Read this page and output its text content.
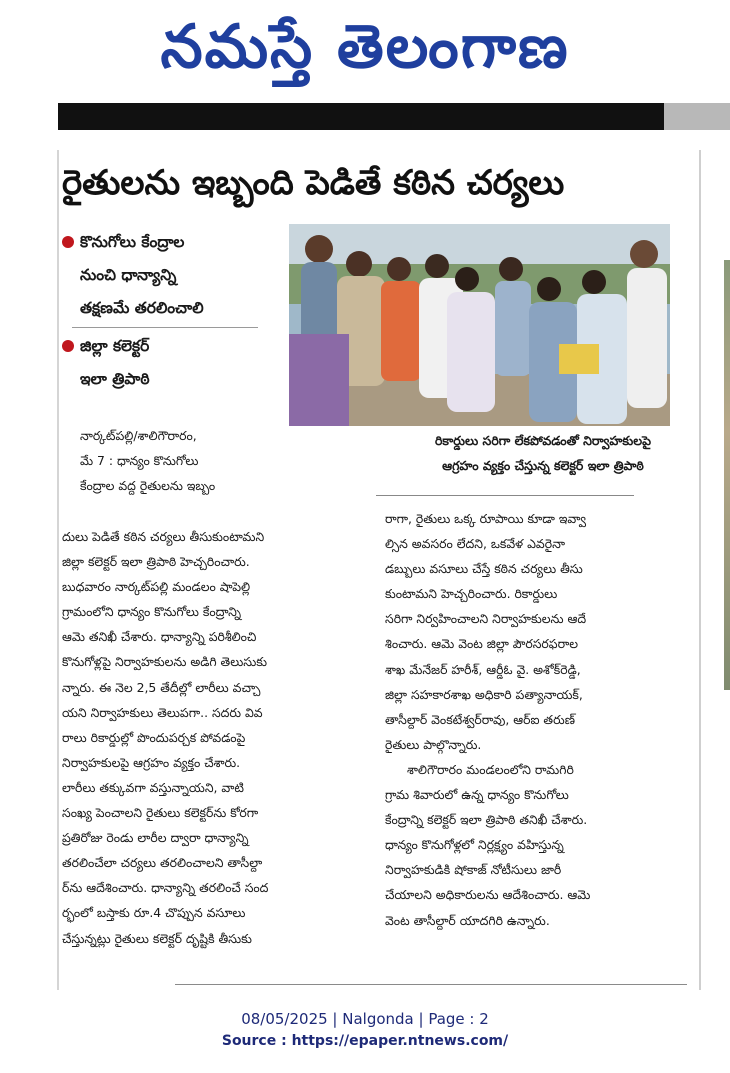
నమస్తే తెలంగాణ
రైతులను ఇబ్బంది పెడితే కఠిన చర్యలు
కొనుగోలు కేంద్రాల
నుంచి ధాన్యాన్ని
తక్షణమే తరలించాలి
జిల్లా కలెక్టర్
ఇలా త్రిపాఠి
రికార్డులు సరిగా లేకపోవడంతో నిర్వాహకులపై
ఆగ్రహం వ్యక్తం చేస్తున్న కలెక్టర్ ఇలా త్రిపాఠి
నార్కట్‌పల్లి/శాలిగౌరారం,
మే 7 : ధాన్యం కొనుగోలు
కేంద్రాల వద్ద రైతులను ఇబ్బం
దులు పెడితే కఠిన చర్యలు తీసుకుంటామని
జిల్లా కలెక్టర్ ఇలా త్రిపాఠి హెచ్చరించారు.
బుధవారం నార్కట్‌పల్లి మండలం షాపెల్లి
గ్రామంలోని ధాన్యం కొనుగోలు కేంద్రాన్ని
ఆమె తనిఖీ చేశారు. ధాన్యాన్ని పరిశీలించి
కొనుగోళ్లపై నిర్వాహకులను అడిగి తెలుసుకు
న్నారు. ఈ నెల 2,5 తేదీల్లో లారీలు వచ్చా
యని నిర్వాహకులు తెలుపగా.. సదరు వివ
రాలు రికార్డుల్లో పొందుపర్చక పోవడంపై
నిర్వాహకులపై ఆగ్రహం వ్యక్తం చేశారు.
లారీలు తక్కువగా వస్తున్నాయని, వాటి
సంఖ్య పెంచాలని రైతులు కలెక్టర్‌ను కోరగా
ప్రతిరోజు రెండు లారీల ద్వారా ధాన్యాన్ని
తరలించేలా చర్యలు తరలించాలని తాసీల్దా
ర్‌ను ఆదేశించారు. ధాన్యాన్ని తరలించే సంద
ర్భంలో బస్తాకు రూ.4 చొప్పున వసూలు
చేస్తున్నట్లు రైతులు కలెక్టర్ దృష్టికి తీసుకు
రాగా, రైతులు ఒక్క రూపాయి కూడా ఇవ్వా
ల్సిన అవసరం లేదని, ఒకవేళ ఎవరైనా
డబ్బులు వసూలు చేస్తే కఠిన చర్యలు తీసు
కుంటామని హెచ్చరించారు. రికార్డులు
సరిగా నిర్వహించాలని నిర్వాహకులను ఆదే
శించారు. ఆమె వెంట జిల్లా పౌరసరఫరాల
శాఖ మేనేజర్ హరీశ్, ఆర్డీఓ వై. అశోక్‌రెడ్డి,
జిల్లా సహకారశాఖ అధికారి పత్యానాయక్,
తాసీల్దార్ వెంకటేశ్వర్‌రావు, ఆర్ఐ తరుణ్
రైతులు పాల్గొన్నారు.
శాలిగౌరారం మండలంలోని రామగిరి
గ్రామ శివారులో ఉన్న ధాన్యం కొనుగోలు
కేంద్రాన్ని కలెక్టర్ ఇలా త్రిపాఠి తనిఖీ చేశారు.
ధాన్యం కొనుగోళ్లలో నిర్లక్ష్యం వహిస్తున్న
నిర్వాహకుడికి షోకాజ్ నోటీసులు జారీ
చేయాలని అధికారులను ఆదేశించారు. ఆమె
వెంట తాసీల్దార్ యాదగిరి ఉన్నారు.
08/05/2025 | Nalgonda | Page : 2
Source : https://epaper.ntnews.com/
